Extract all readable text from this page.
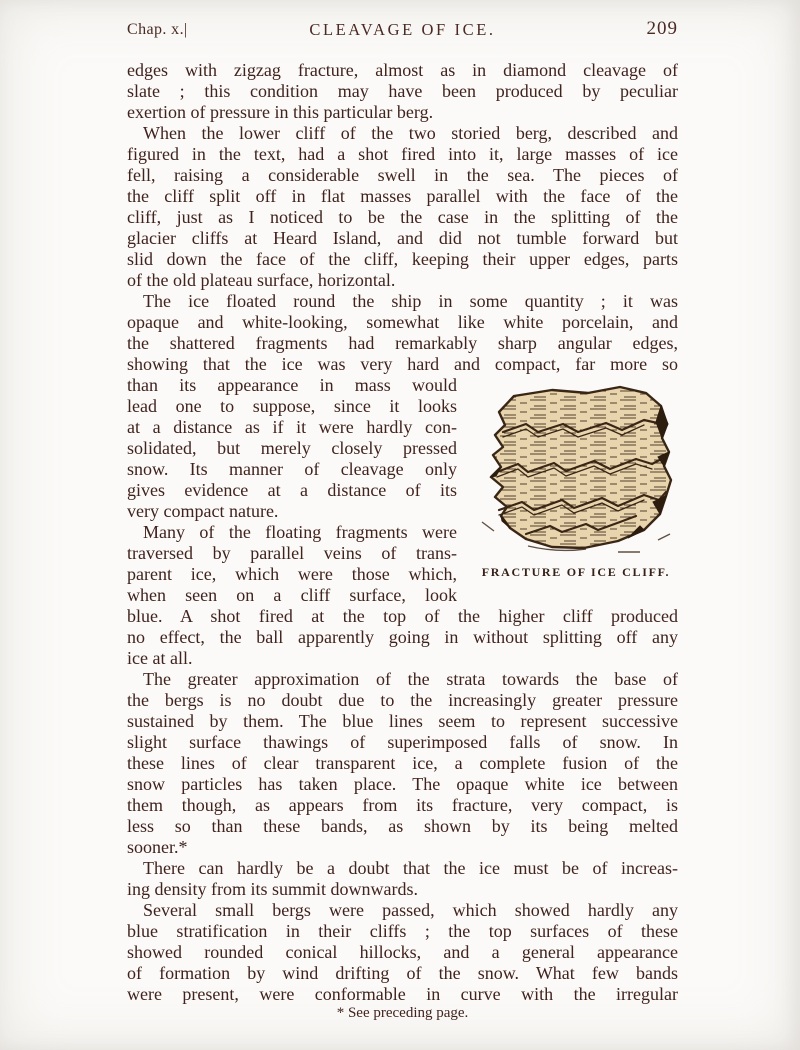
Chap. x.|	CLEAVAGE OF ICE.	209
edges with zigzag fracture, almost as in diamond cleavage of
slate ; this condition may have been produced by peculiar
exertion of pressure in this particular berg.
When the lower cliff of the two storied berg, described and
figured in the text, had a shot fired into it, large masses of ice
fell, raising a considerable swell in the sea. The pieces of
the cliff split off in flat masses parallel with the face of the
cliff, just as I noticed to be the case in the splitting of the
glacier cliffs at Heard Island, and did not tumble forward but
slid down the face of the cliff, keeping their upper edges, parts
of the old plateau surface, horizontal.
The ice floated round the ship in some quantity ; it was
opaque and white-looking, somewhat like white porcelain, and
the shattered fragments had remarkably sharp angular edges,
showing that the ice was very hard and compact, far more so
than its appearance in mass would
lead one to suppose, since it looks
at a distance as if it were hardly con-
solidated, but merely closely pressed
snow. Its manner of cleavage only
gives evidence at a distance of its
very compact nature.
Many of the floating fragments were
traversed by parallel veins of trans-
parent ice, which were those which,
when seen on a cliff surface, look
blue. A shot fired at the top of the higher cliff produced
no effect, the ball apparently going in without splitting off any
ice at all.
The greater approximation of the strata towards the base of
the bergs is no doubt due to the increasingly greater pressure
sustained by them. The blue lines seem to represent successive
slight surface thawings of superimposed falls of snow. In
these lines of clear transparent ice, a complete fusion of the
snow particles has taken place. The opaque white ice between
them though, as appears from its fracture, very compact, is
less so than these bands, as shown by its being melted
sooner.*
There can hardly be a doubt that the ice must be of increas-
ing density from its summit downwards.
Several small bergs were passed, which showed hardly any
blue stratification in their cliffs ; the top surfaces of these
showed rounded conical hillocks, and a general appearance
of formation by wind drifting of the snow. What few bands
were present, were conformable in curve with the irregular
FRACTURE OF ICE CLIFF.
* See preceding page.
